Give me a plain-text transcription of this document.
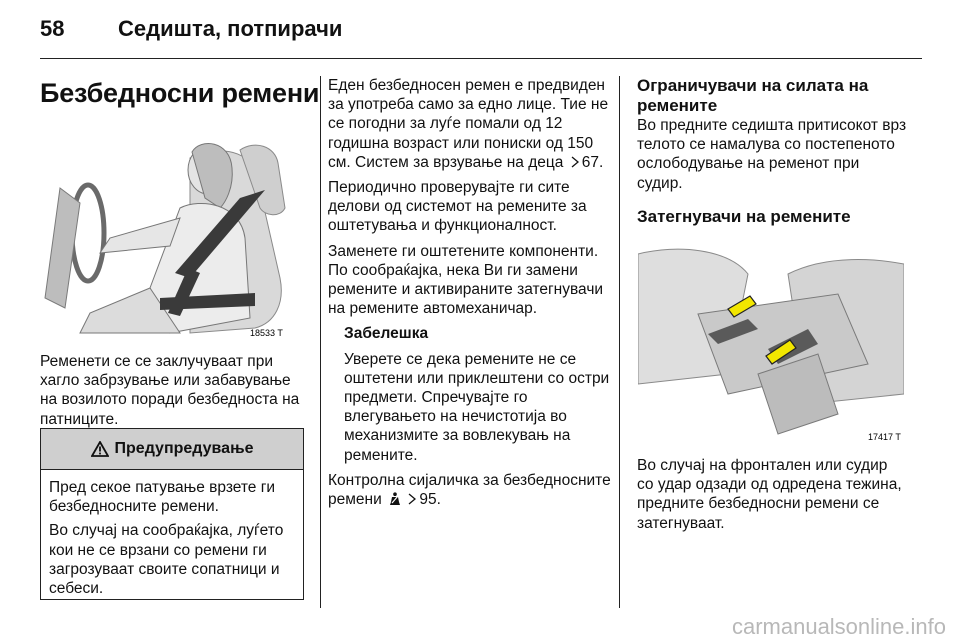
58 Седишта, потпирачи
Безбедносни ремени
18533 T

Ременети се се заклучуваат при хагло забрзување или забавување на возилото поради безбедноста на патниците.

Предупредување

Пред секое патување врзете ги безбедносните ремени.

Во случај на сообраќајка, луѓето кои не се врзани со ремени ги загрозуваат своите сопатници и себеси.

Еден безбедносен ремен е предвиден за употреба само за едно лице. Тие не се погодни за луѓе помали од 12 годишна возраст или пониски од 150 см. Систем за врзување на деца 67.

Периодично проверувајте ги сите делови од системот на ремените за оштетувања и функционалност.

Заменете ги оштетените компоненти. По сообраќајка, нека Ви ги замени ремените и активираните затегнувачи на ремените автомеханичар.

Забелешка

Уверете се дека ремените не се оштетени или приклештени со остри предмети. Спречувајте го влегувањето на нечистотија во механизмите за вовлекувањ на ремените.

Контролна сијаличка за безбедносните ремени 95.

Ограничувачи на силата на ремените

Во предните седишта притисокот врз телото се намалува со постепеното ослободување на ременот при судир.

Затегнувачи на ремените

17417 T

Во случај на фронтален или судир со удар одзади од одредена тежина, предните безбедносни ремени се затегнуваат.

carmanualsonline.info
